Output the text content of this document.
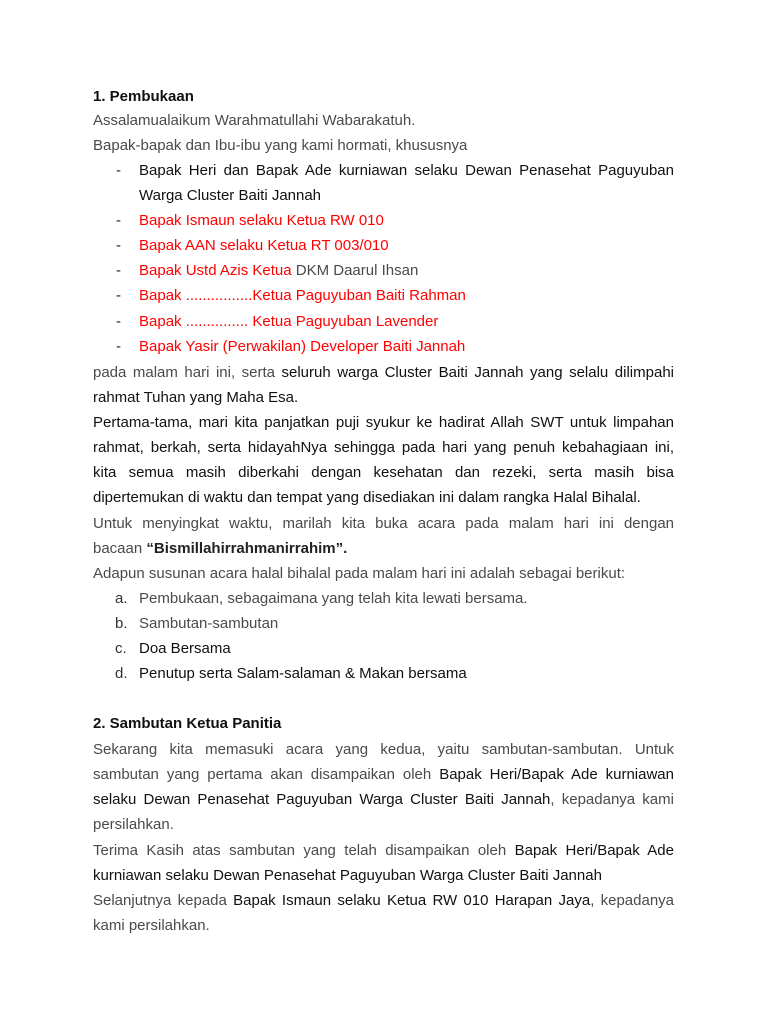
1. Pembukaan
Assalamualaikum Warahmatullahi Wabarakatuh.
Bapak-bapak dan Ibu-ibu yang kami hormati, khususnya
-	Bapak Heri dan Bapak Ade kurniawan selaku Dewan Penasehat Paguyuban
Warga Cluster Baiti Jannah
-	Bapak Ismaun selaku Ketua RW 010
-	Bapak AAN selaku Ketua RT 003/010
-	Bapak Ustd Azis Ketua DKM Daarul Ihsan
-	Bapak ................Ketua Paguyuban Baiti Rahman
-	Bapak ............... Ketua Paguyuban Lavender
-	Bapak Yasir (Perwakilan) Developer Baiti Jannah
pada malam hari ini, serta seluruh warga Cluster Baiti Jannah yang selalu dilimpahi
rahmat Tuhan yang Maha Esa.
Pertama-tama, mari kita panjatkan puji syukur ke hadirat Allah SWT untuk limpahan
rahmat, berkah, serta hidayahNya sehingga pada hari yang penuh kebahagiaan ini,
kita semua masih diberkahi dengan kesehatan dan rezeki, serta masih bisa
dipertemukan di waktu dan tempat yang disediakan ini dalam rangka Halal Bihalal.
Untuk menyingkat waktu, marilah kita buka acara pada malam hari ini dengan
bacaan “Bismillahirrahmanirrahim”.
Adapun susunan acara halal bihalal pada malam hari ini adalah sebagai berikut:
a. Pembukaan, sebagaimana yang telah kita lewati bersama.
b. Sambutan-sambutan
c. Doa Bersama
d. Penutup serta Salam-salaman & Makan bersama
2. Sambutan Ketua Panitia
Sekarang kita memasuki acara yang kedua, yaitu sambutan-sambutan. Untuk
sambutan yang pertama akan disampaikan oleh Bapak Heri/Bapak Ade kurniawan
selaku Dewan Penasehat Paguyuban Warga Cluster Baiti Jannah, kepadanya kami
persilahkan.
Terima Kasih atas sambutan yang telah disampaikan oleh Bapak Heri/Bapak Ade
kurniawan selaku Dewan Penasehat Paguyuban Warga Cluster Baiti Jannah
Selanjutnya kepada Bapak Ismaun selaku Ketua RW 010 Harapan Jaya, kepadanya
kami persilahkan.
